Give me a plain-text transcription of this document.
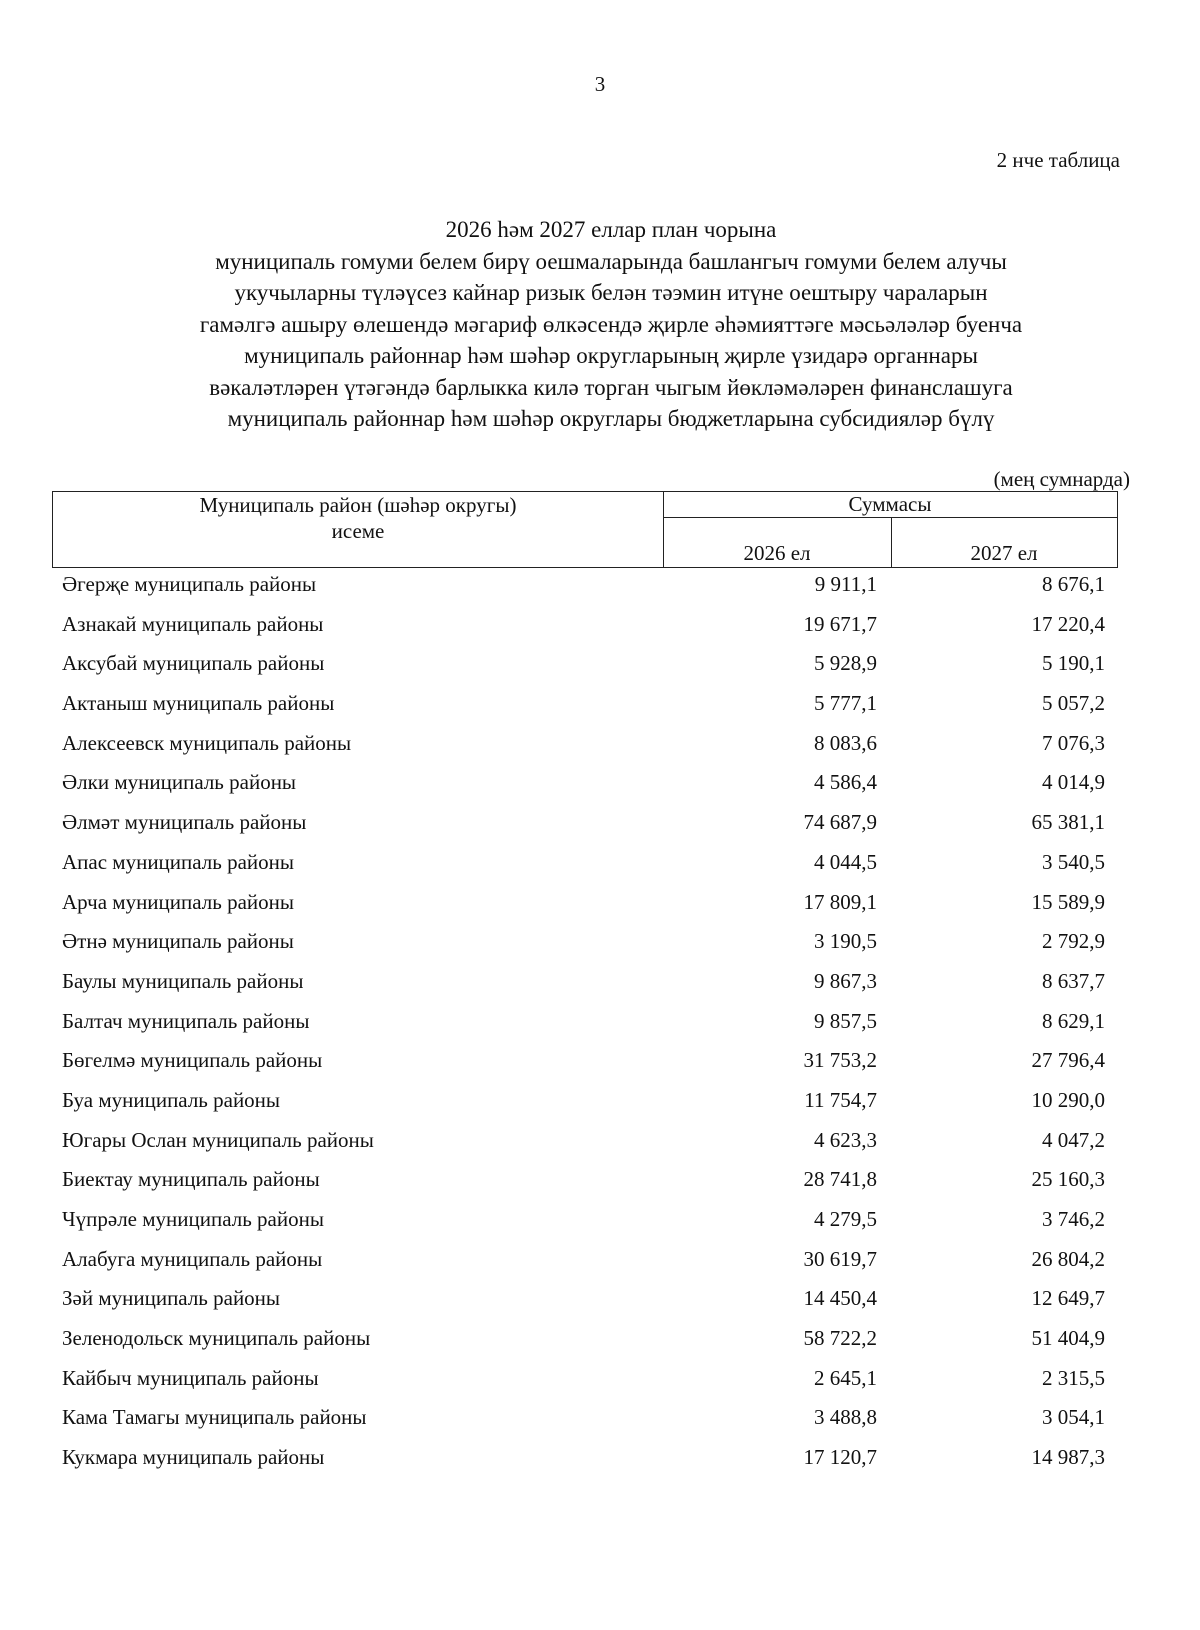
3
2 нче таблица
2026 һәм 2027 еллар план чорына
муниципаль гомуми белем бирү оешмаларында башлангыч гомуми белем алучы
укучыларны түләүсез кайнар ризык белән тәэмин итүне оештыру чараларын
гамәлгә ашыру өлешендә мәгариф өлкәсендә җирле әһәмияттәге мәсьәләләр буенча
муниципаль районнар һәм шәһәр округларының җирле үзидарә органнары
вәкаләтләрен үтәгәндә барлыкка килә торган чыгым йөкләмәләрен финанслашуга
муниципаль районнар һәм шәһәр округлары бюджетларына субсидияләр бүлү
(мең сумнарда)
Муниципаль район (шәһәр округы)
исеме
Суммасы
2026 ел	2027 ел
Әгерҗе муниципаль районы	9 911,1	8 676,1
Азнакай муниципаль районы	19 671,7	17 220,4
Аксубай муниципаль районы	5 928,9	5 190,1
Актаныш муниципаль районы	5 777,1	5 057,2
Алексеевск муниципаль районы	8 083,6	7 076,3
Әлки муниципаль районы	4 586,4	4 014,9
Әлмәт муниципаль районы	74 687,9	65 381,1
Апас муниципаль районы	4 044,5	3 540,5
Арча муниципаль районы	17 809,1	15 589,9
Әтнә муниципаль районы	3 190,5	2 792,9
Баулы муниципаль районы	9 867,3	8 637,7
Балтач муниципаль районы	9 857,5	8 629,1
Бөгелмә муниципаль районы	31 753,2	27 796,4
Буа муниципаль районы	11 754,7	10 290,0
Югары Ослан муниципаль районы	4 623,3	4 047,2
Биектау муниципаль районы	28 741,8	25 160,3
Чүпрәле муниципаль районы	4 279,5	3 746,2
Алабуга муниципаль районы	30 619,7	26 804,2
Зәй муниципаль районы	14 450,4	12 649,7
Зеленодольск муниципаль районы	58 722,2	51 404,9
Кайбыч муниципаль районы	2 645,1	2 315,5
Кама Тамагы муниципаль районы	3 488,8	3 054,1
Кукмара муниципаль районы	17 120,7	14 987,3
